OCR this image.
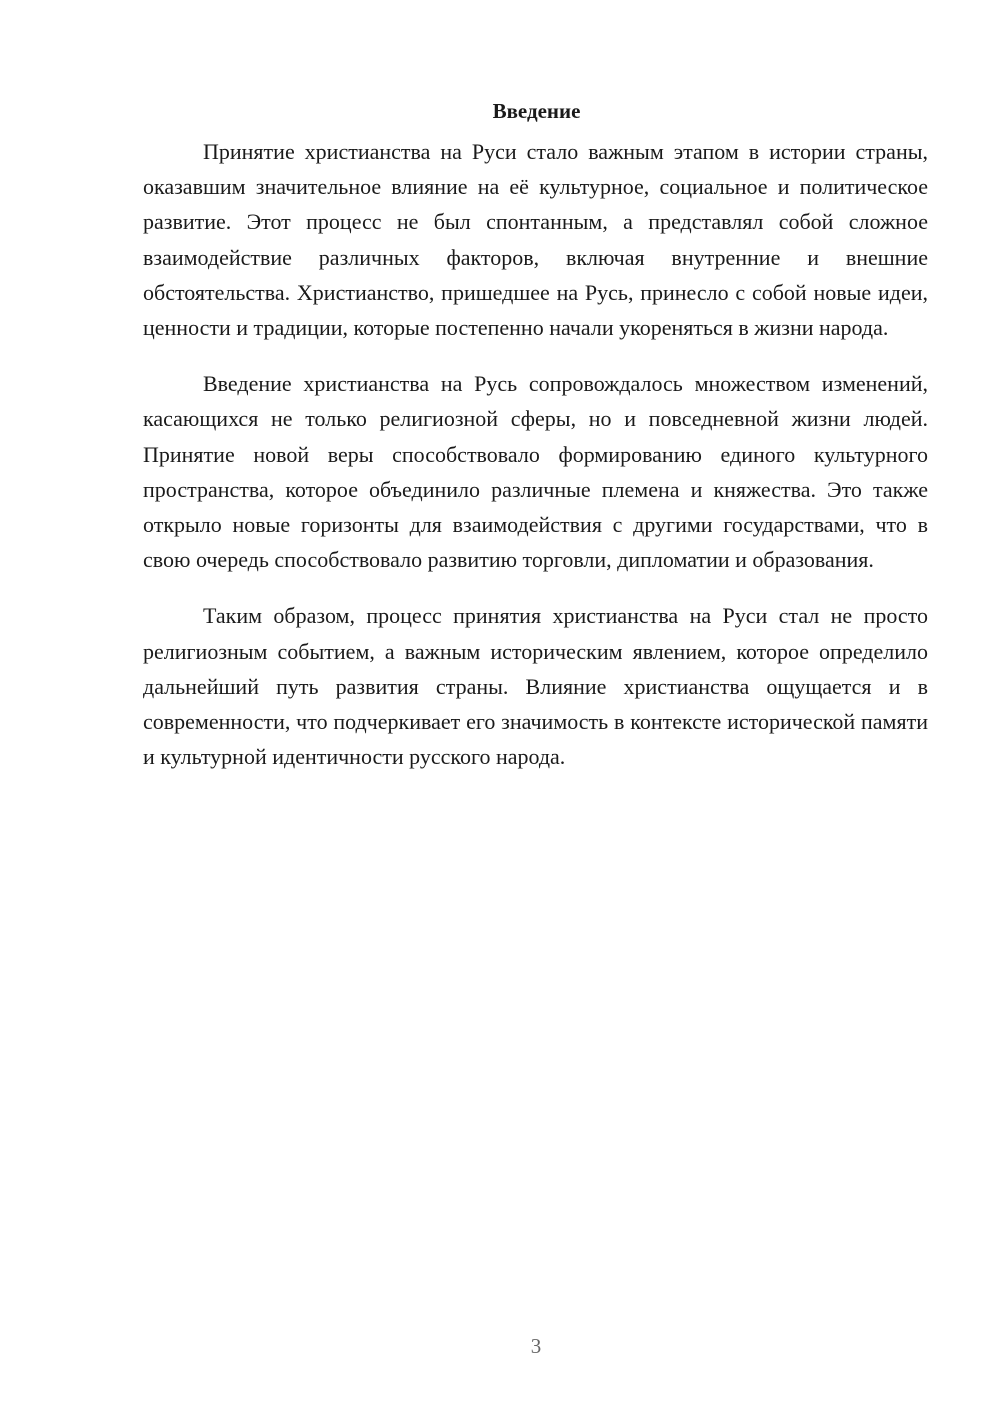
Введение

Принятие христианства на Руси стало важным этапом в истории страны, оказавшим значительное влияние на её культурное, социальное и политическое развитие. Этот процесс не был спонтанным, а представлял собой сложное взаимодействие различных факторов, включая внутренние и внешние обстоятельства. Христианство, пришедшее на Русь, принесло с собой новые идеи, ценности и традиции, которые постепенно начали укореняться в жизни народа.

Введение христианства на Русь сопровождалось множеством изменений, касающихся не только религиозной сферы, но и повседневной жизни людей. Принятие новой веры способствовало формированию единого культурного пространства, которое объединило различные племена и княжества. Это также открыло новые горизонты для взаимодействия с другими государствами, что в свою очередь способствовало развитию торговли, дипломатии и образования.

Таким образом, процесс принятия христианства на Руси стал не просто религиозным событием, а важным историческим явлением, которое определило дальнейший путь развития страны. Влияние христианства ощущается и в современности, что подчеркивает его значимость в контексте исторической памяти и культурной идентичности русского народа.

3
